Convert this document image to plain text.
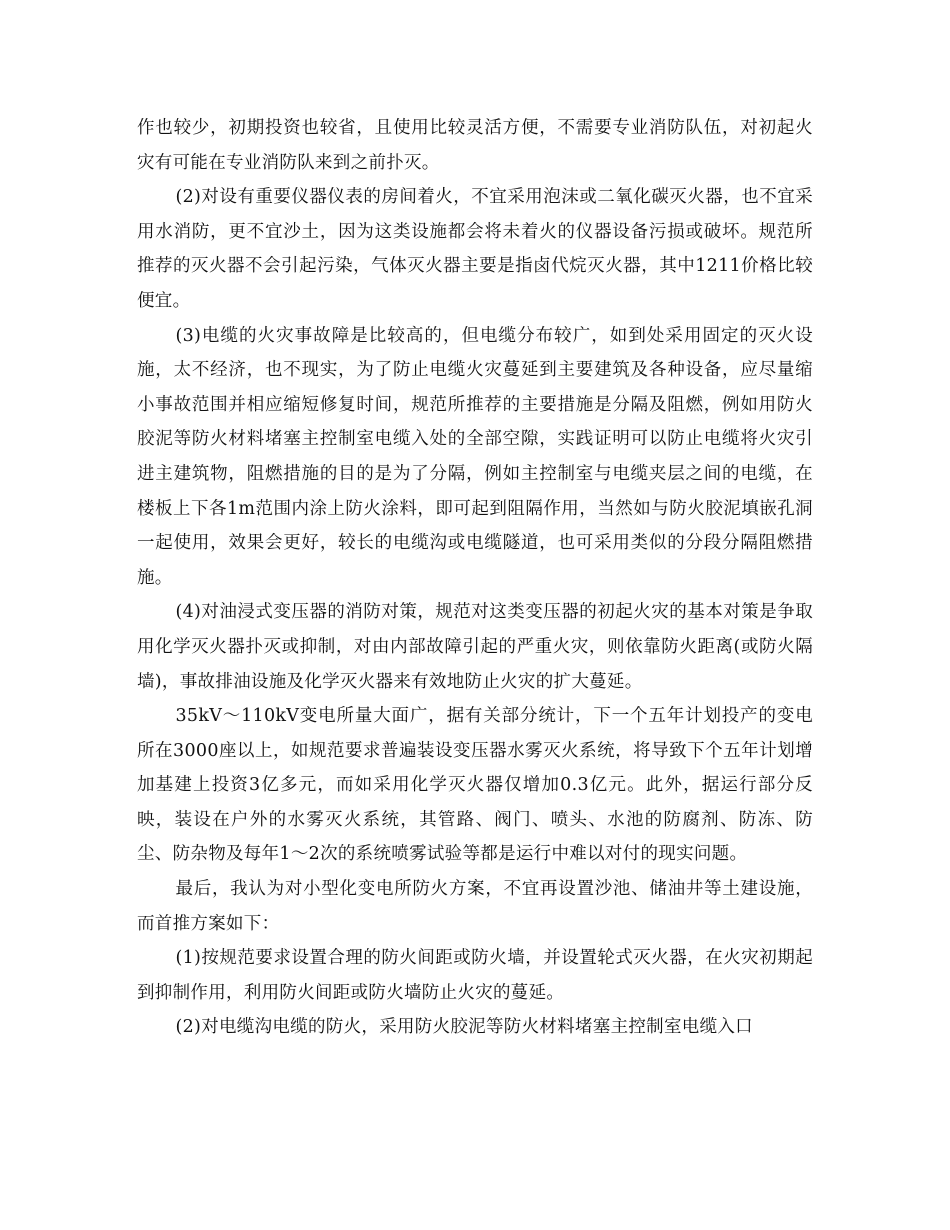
作也较少，初期投资也较省，且使用比较灵活方便，不需要专业消防队伍，对初起火灾有可能在专业消防队来到之前扑灭。

(2)对设有重要仪器仪表的房间着火，不宜采用泡沫或二氧化碳灭火器，也不宜采用水消防，更不宜沙土，因为这类设施都会将未着火的仪器设备污损或破坏。规范所推荐的灭火器不会引起污染，气体灭火器主要是指卤代烷灭火器，其中1211价格比较便宜。

(3)电缆的火灾事故障是比较高的，但电缆分布较广，如到处采用固定的灭火设施，太不经济，也不现实，为了防止电缆火灾蔓延到主要建筑及各种设备，应尽量缩小事故范围并相应缩短修复时间，规范所推荐的主要措施是分隔及阻燃，例如用防火胶泥等防火材料堵塞主控制室电缆入处的全部空隙，实践证明可以防止电缆将火灾引进主建筑物，阻燃措施的目的是为了分隔，例如主控制室与电缆夹层之间的电缆，在楼板上下各1m范围内涂上防火涂料，即可起到阻隔作用，当然如与防火胶泥填嵌孔洞一起使用，效果会更好，较长的电缆沟或电缆隧道，也可采用类似的分段分隔阻燃措施。

(4)对油浸式变压器的消防对策，规范对这类变压器的初起火灾的基本对策是争取用化学灭火器扑灭或抑制，对由内部故障引起的严重火灾，则依靠防火距离(或防火隔墙)，事故排油设施及化学灭火器来有效地防止火灾的扩大蔓延。

35kV～110kV变电所量大面广，据有关部分统计，下一个五年计划投产的变电所在3000座以上，如规范要求普遍装设变压器水雾灭火系统，将导致下个五年计划增加基建上投资3亿多元，而如采用化学灭火器仅增加0.3亿元。此外，据运行部分反映，装设在户外的水雾灭火系统，其管路、阀门、喷头、水池的防腐剂、防冻、防尘、防杂物及每年1～2次的系统喷雾试验等都是运行中难以对付的现实问题。

最后，我认为对小型化变电所防火方案，不宜再设置沙池、储油井等土建设施，而首推方案如下：

(1)按规范要求设置合理的防火间距或防火墙，并设置轮式灭火器，在火灾初期起到抑制作用，利用防火间距或防火墙防止火灾的蔓延。

(2)对电缆沟电缆的防火，采用防火胶泥等防火材料堵塞主控制室电缆入口
